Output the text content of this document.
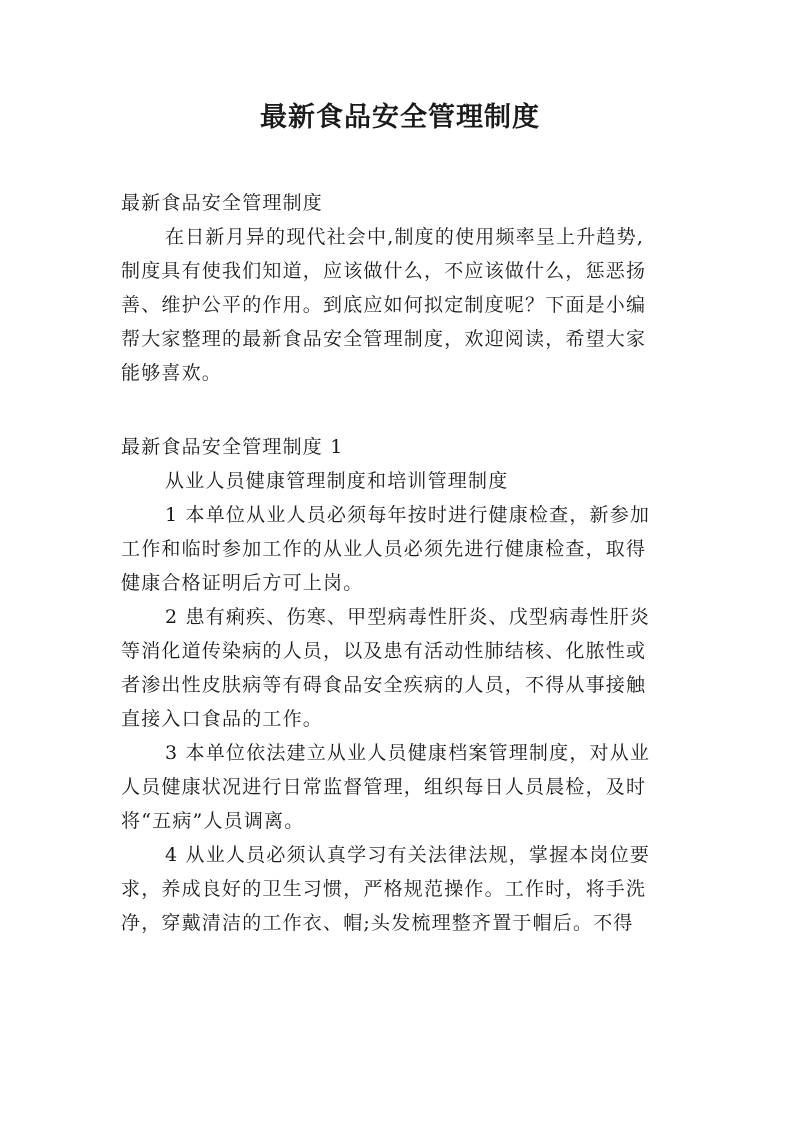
最新食品安全管理制度

最新食品安全管理制度

在日新月异的现代社会中,制度的使用频率呈上升趋势,

制度具有使我们知道，应该做什么，不应该做什么，惩恶扬

善、维护公平的作用。到底应如何拟定制度呢？下面是小编

帮大家整理的最新食品安全管理制度，欢迎阅读，希望大家

能够喜欢。

最新食品安全管理制度 1

从业人员健康管理制度和培训管理制度

1 本单位从业人员必须每年按时进行健康检查，新参加

工作和临时参加工作的从业人员必须先进行健康检查，取得

健康合格证明后方可上岗。

2 患有痢疾、伤寒、甲型病毒性肝炎、戊型病毒性肝炎

等消化道传染病的人员，以及患有活动性肺结核、化脓性或

者渗出性皮肤病等有碍食品安全疾病的人员，不得从事接触

直接入口食品的工作。

3 本单位依法建立从业人员健康档案管理制度，对从业

人员健康状况进行日常监督管理，组织每日人员晨检，及时

将“五病”人员调离。

4 从业人员必须认真学习有关法律法规，掌握本岗位要

求，养成良好的卫生习惯，严格规范操作。工作时，将手洗

净，穿戴清洁的工作衣、帽;头发梳理整齐置于帽后。不得
